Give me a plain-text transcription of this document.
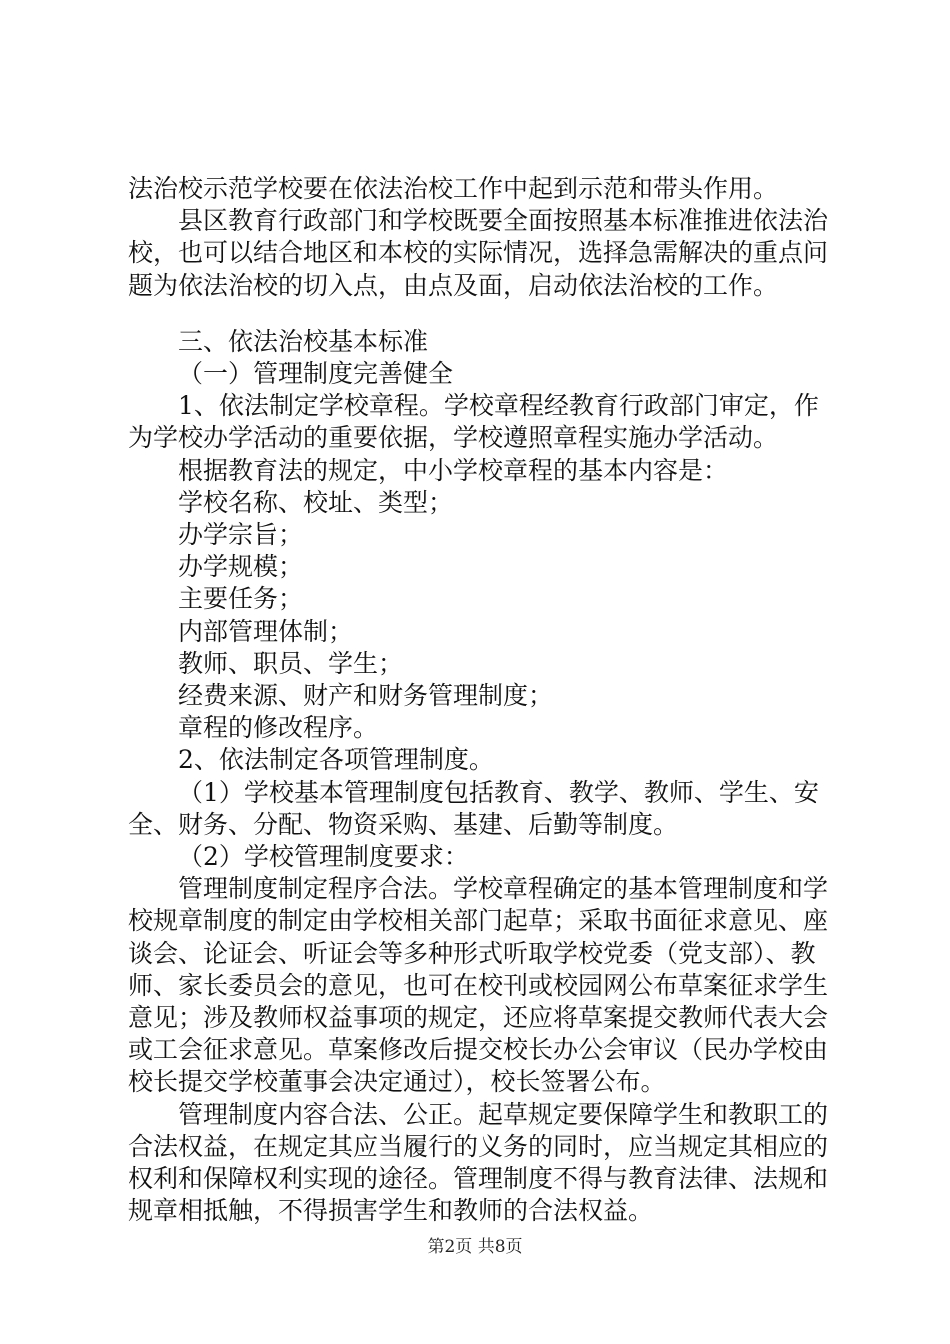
法治校示范学校要在依法治校工作中起到示范和带头作用。

县区教育行政部门和学校既要全面按照基本标准推进依法治校，也可以结合地区和本校的实际情况，选择急需解决的重点问题为依法治校的切入点，由点及面，启动依法治校的工作。

三、依法治校基本标准

（一）管理制度完善健全

1、依法制定学校章程。学校章程经教育行政部门审定，作为学校办学活动的重要依据，学校遵照章程实施办学活动。

根据教育法的规定，中小学校章程的基本内容是：

学校名称、校址、类型；

办学宗旨；

办学规模；

主要任务；

内部管理体制；

教师、职员、学生；

经费来源、财产和财务管理制度；

章程的修改程序。

2、依法制定各项管理制度。

（1）学校基本管理制度包括教育、教学、教师、学生、安全、财务、分配、物资采购、基建、后勤等制度。

（2）学校管理制度要求：

管理制度制定程序合法。学校章程确定的基本管理制度和学校规章制度的制定由学校相关部门起草；采取书面征求意见、座谈会、论证会、听证会等多种形式听取学校党委（党支部）、教师、家长委员会的意见，也可在校刊或校园网公布草案征求学生意见；涉及教师权益事项的规定，还应将草案提交教师代表大会或工会征求意见。草案修改后提交校长办公会审议（民办学校由校长提交学校董事会决定通过），校长签署公布。

管理制度内容合法、公正。起草规定要保障学生和教职工的合法权益，在规定其应当履行的义务的同时，应当规定其相应的权利和保障权利实现的途径。管理制度不得与教育法律、法规和规章相抵触，不得损害学生和教师的合法权益。

第2页 共8页
